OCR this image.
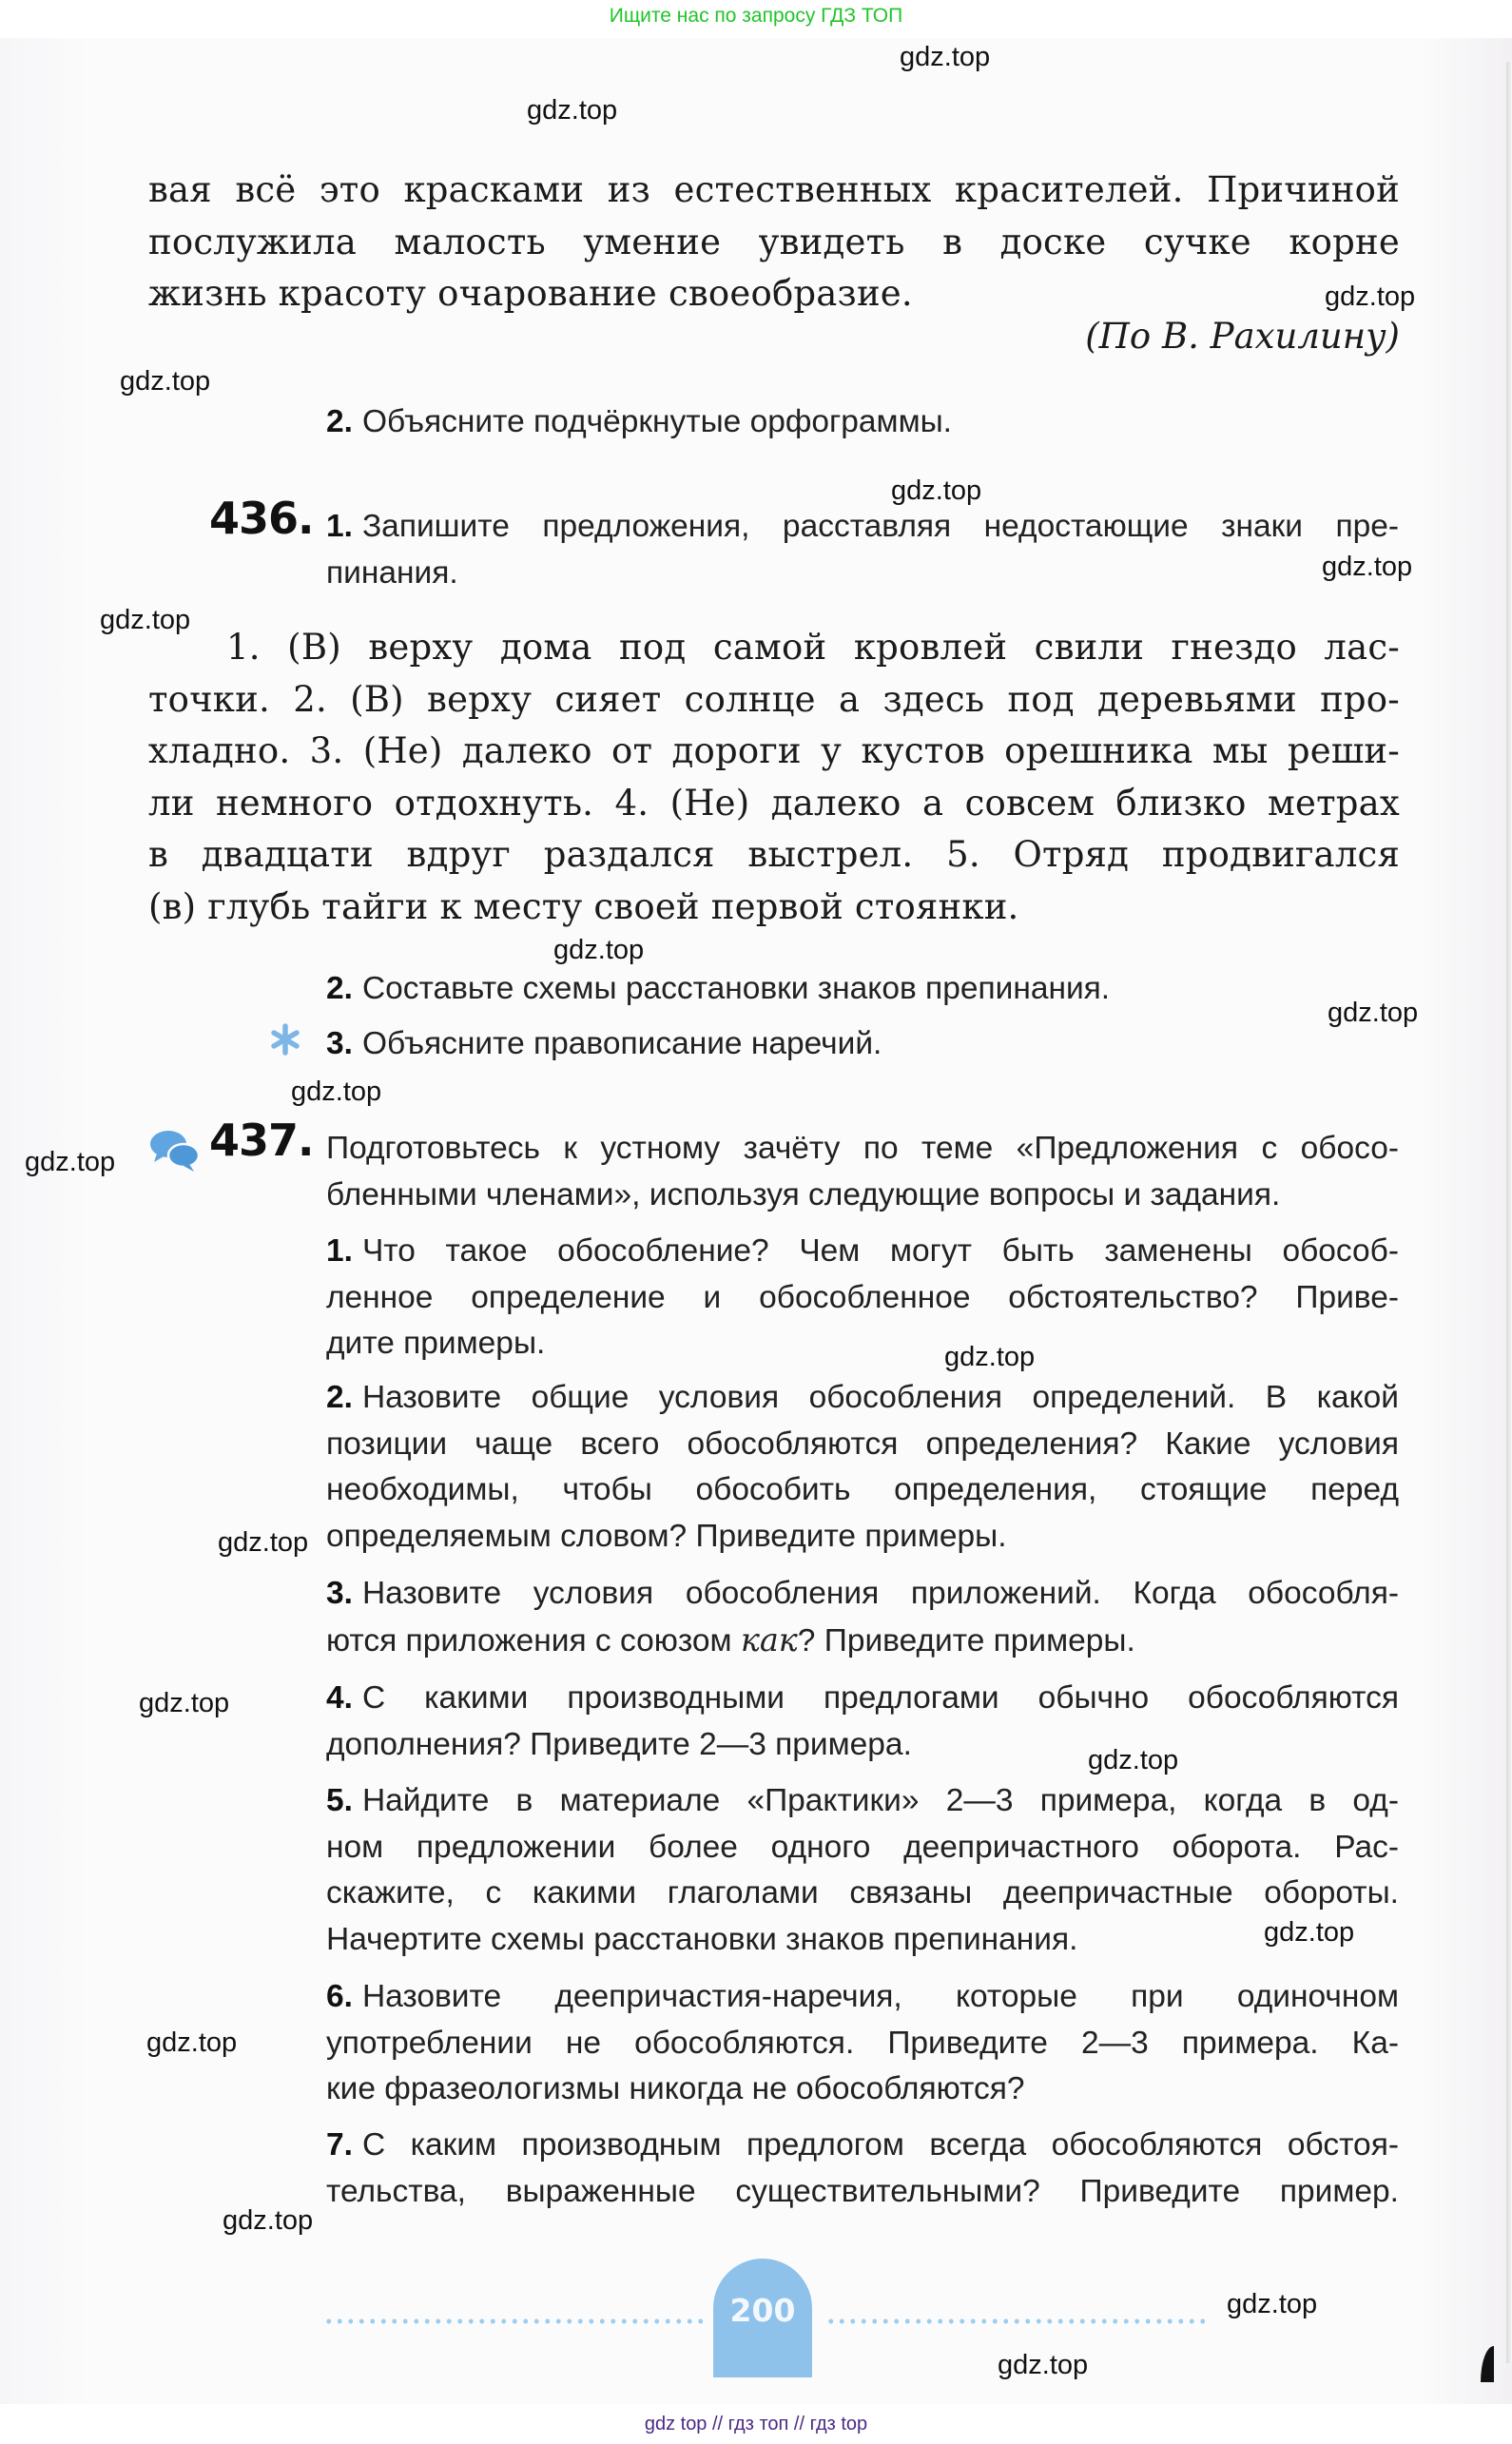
Ищите нас по запросу ГДЗ ТОП
вая всё это красками из естественных красителей. Причиной
послужила малость умение увидеть в доске сучке корне
жизнь красоту очарование своеобразие.
(По В. Рахилину)
2. Объясните подчёркнутые орфограммы.
436. 1. Запишите предложения, расставляя недостающие знаки пре-
пинания.
1. (В) верху дома под самой кровлей свили гнездо лас-
точки. 2. (В) верху сияет солнце а здесь под деревьями про-
хладно. 3. (Не) далеко от дороги у кустов орешника мы реши-
ли немного отдохнуть. 4. (Не) далеко а совсем близко метрах
в двадцати вдруг раздался выстрел. 5. Отряд продвигался
(в) глубь тайги к месту своей первой стоянки.
2. Составьте схемы расстановки знаков препинания.
3. Объясните правописание наречий.
437. Подготовьтесь к устному зачёту по теме «Предложения с обосо-
бленными членами», используя следующие вопросы и задания.
1. Что такое обособление? Чем могут быть заменены обособ-
ленное определение и обособленное обстоятельство? Приве-
дите примеры.
2. Назовите общие условия обособления определений. В какой
позиции чаще всего обособляются определения? Какие условия
необходимы, чтобы обособить определения, стоящие перед
определяемым словом? Приведите примеры.
3. Назовите условия обособления приложений. Когда обособля-
ются приложения с союзом как? Приведите примеры.
4. С какими производными предлогами обычно обособляются
дополнения? Приведите 2—3 примера.
5. Найдите в материале «Практики» 2—3 примера, когда в од-
ном предложении более одного деепричастного оборота. Рас-
скажите, с какими глаголами связаны деепричастные обороты.
Начертите схемы расстановки знаков препинания.
6. Назовите деепричастия-наречия, которые при одиночном
употреблении не обособляются. Приведите 2—3 примера. Ка-
кие фразеологизмы никогда не обособляются?
7. С каким производным предлогом всегда обособляются обстоя-
тельства, выраженные существительными? Приведите пример.
200
gdz.top
gdz.top
gdz.top
gdz.top
gdz.top
gdz.top
gdz.top
gdz.top
gdz.top
gdz.top
gdz.top
gdz.top
gdz.top
gdz.top
gdz.top
gdz.top
gdz.top
gdz.top
gdz.top
gdz.top
gdz top // гдз топ // гдз top
